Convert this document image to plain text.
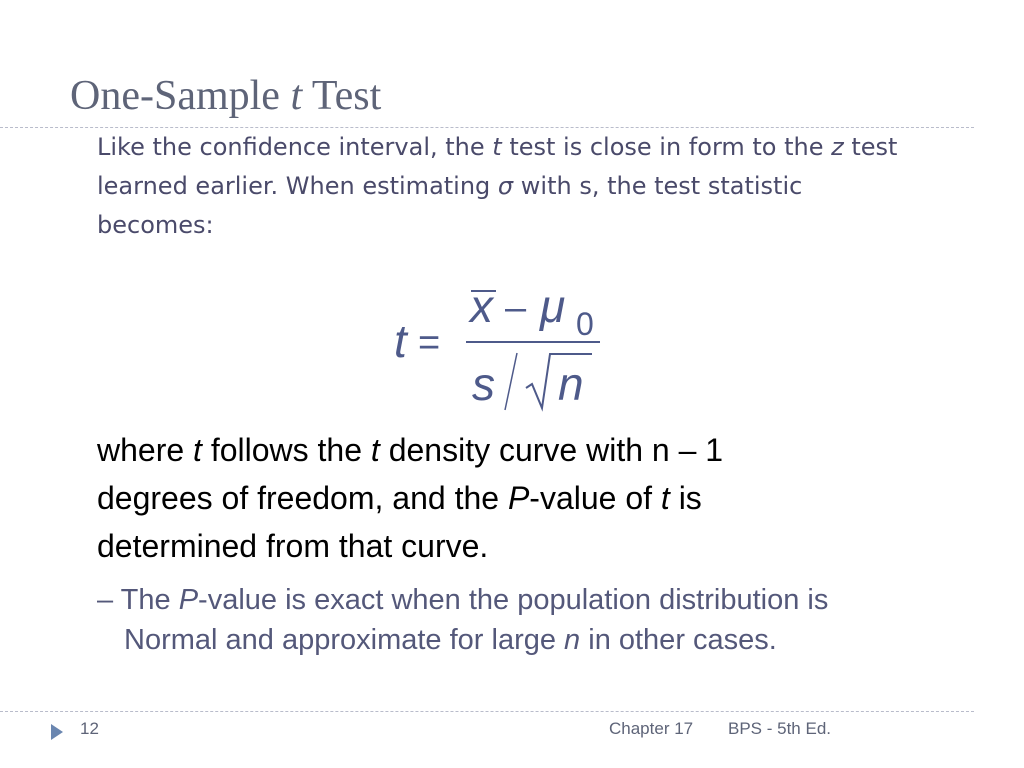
One-Sample t Test
Like the confidence interval, the t test is close in form to the z test
learned earlier. When estimating σ with s, the test statistic
becomes:
t =
x – μ 0
s n
where t follows the t density curve with n – 1
degrees of freedom, and the P-value of t is
determined from that curve.
– The P-value is exact when the population distribution is
Normal and approximate for large n in other cases.
12	Chapter 17 BPS - 5th Ed.
